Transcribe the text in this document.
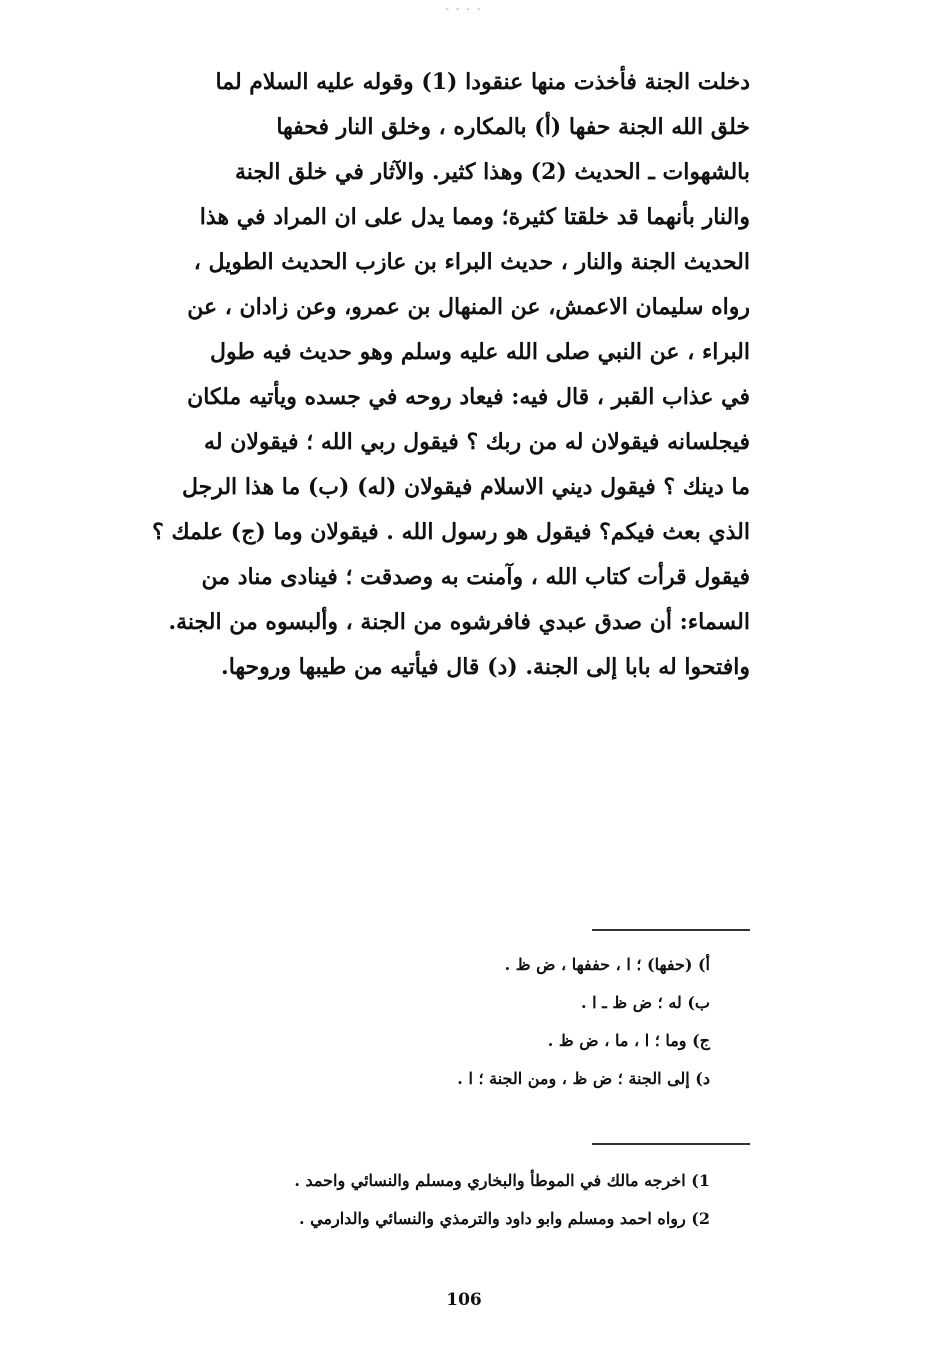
- - - -
دخلت الجنة فأخذت منها عنقودا (1) وقوله عليه السلام لما
خلق الله الجنة حفها (أ) بالمكاره ، وخلق النار فحفها
بالشهوات ـ الحديث (2) وهذا كثير. والآثار في خلق الجنة
والنار بأنهما قد خلقتا كثيرة؛ ومما يدل على ان المراد في هذا
الحديث الجنة والنار ، حديث البراء بن عازب الحديث الطويل ،
رواه سليمان الاعمش، عن المنهال بن عمرو، وعن زادان ، عن
البراء ، عن النبي صلى الله عليه وسلم وهو حديث فيه طول
في عذاب القبر ، قال فيه: فيعاد روحه في جسده ويأتيه ملكان
فيجلسانه فيقولان له من ربك ؟ فيقول ربي الله ؛ فيقولان له
ما دينك ؟ فيقول ديني الاسلام فيقولان (له) (ب) ما هذا الرجل
الذي بعث فيكم؟ فيقول هو رسول الله . فيقولان وما (ج) علمك ؟
فيقول قرأت كتاب الله ، وآمنت به وصدقت ؛ فينادى مناد من
السماء: أن صدق عبدي فافرشوه من الجنة ، وألبسوه من الجنة.
وافتحوا له بابا إلى الجنة. (د) قال فيأتيه من طيبها وروحها.
أ) (حفها) ؛ ا ، حففها ، ض ظ .
ب) له ؛ ض ظ ـ ا .
ج) وما ؛ ا ، ما ، ض ظ .
د) إلى الجنة ؛ ض ظ ، ومن الجنة ؛ ا .
1) اخرجه مالك في الموطأ والبخاري ومسلم والنسائي واحمد .
2) رواه احمد ومسلم وابو داود والترمذي والنسائي والدارمي .
106
